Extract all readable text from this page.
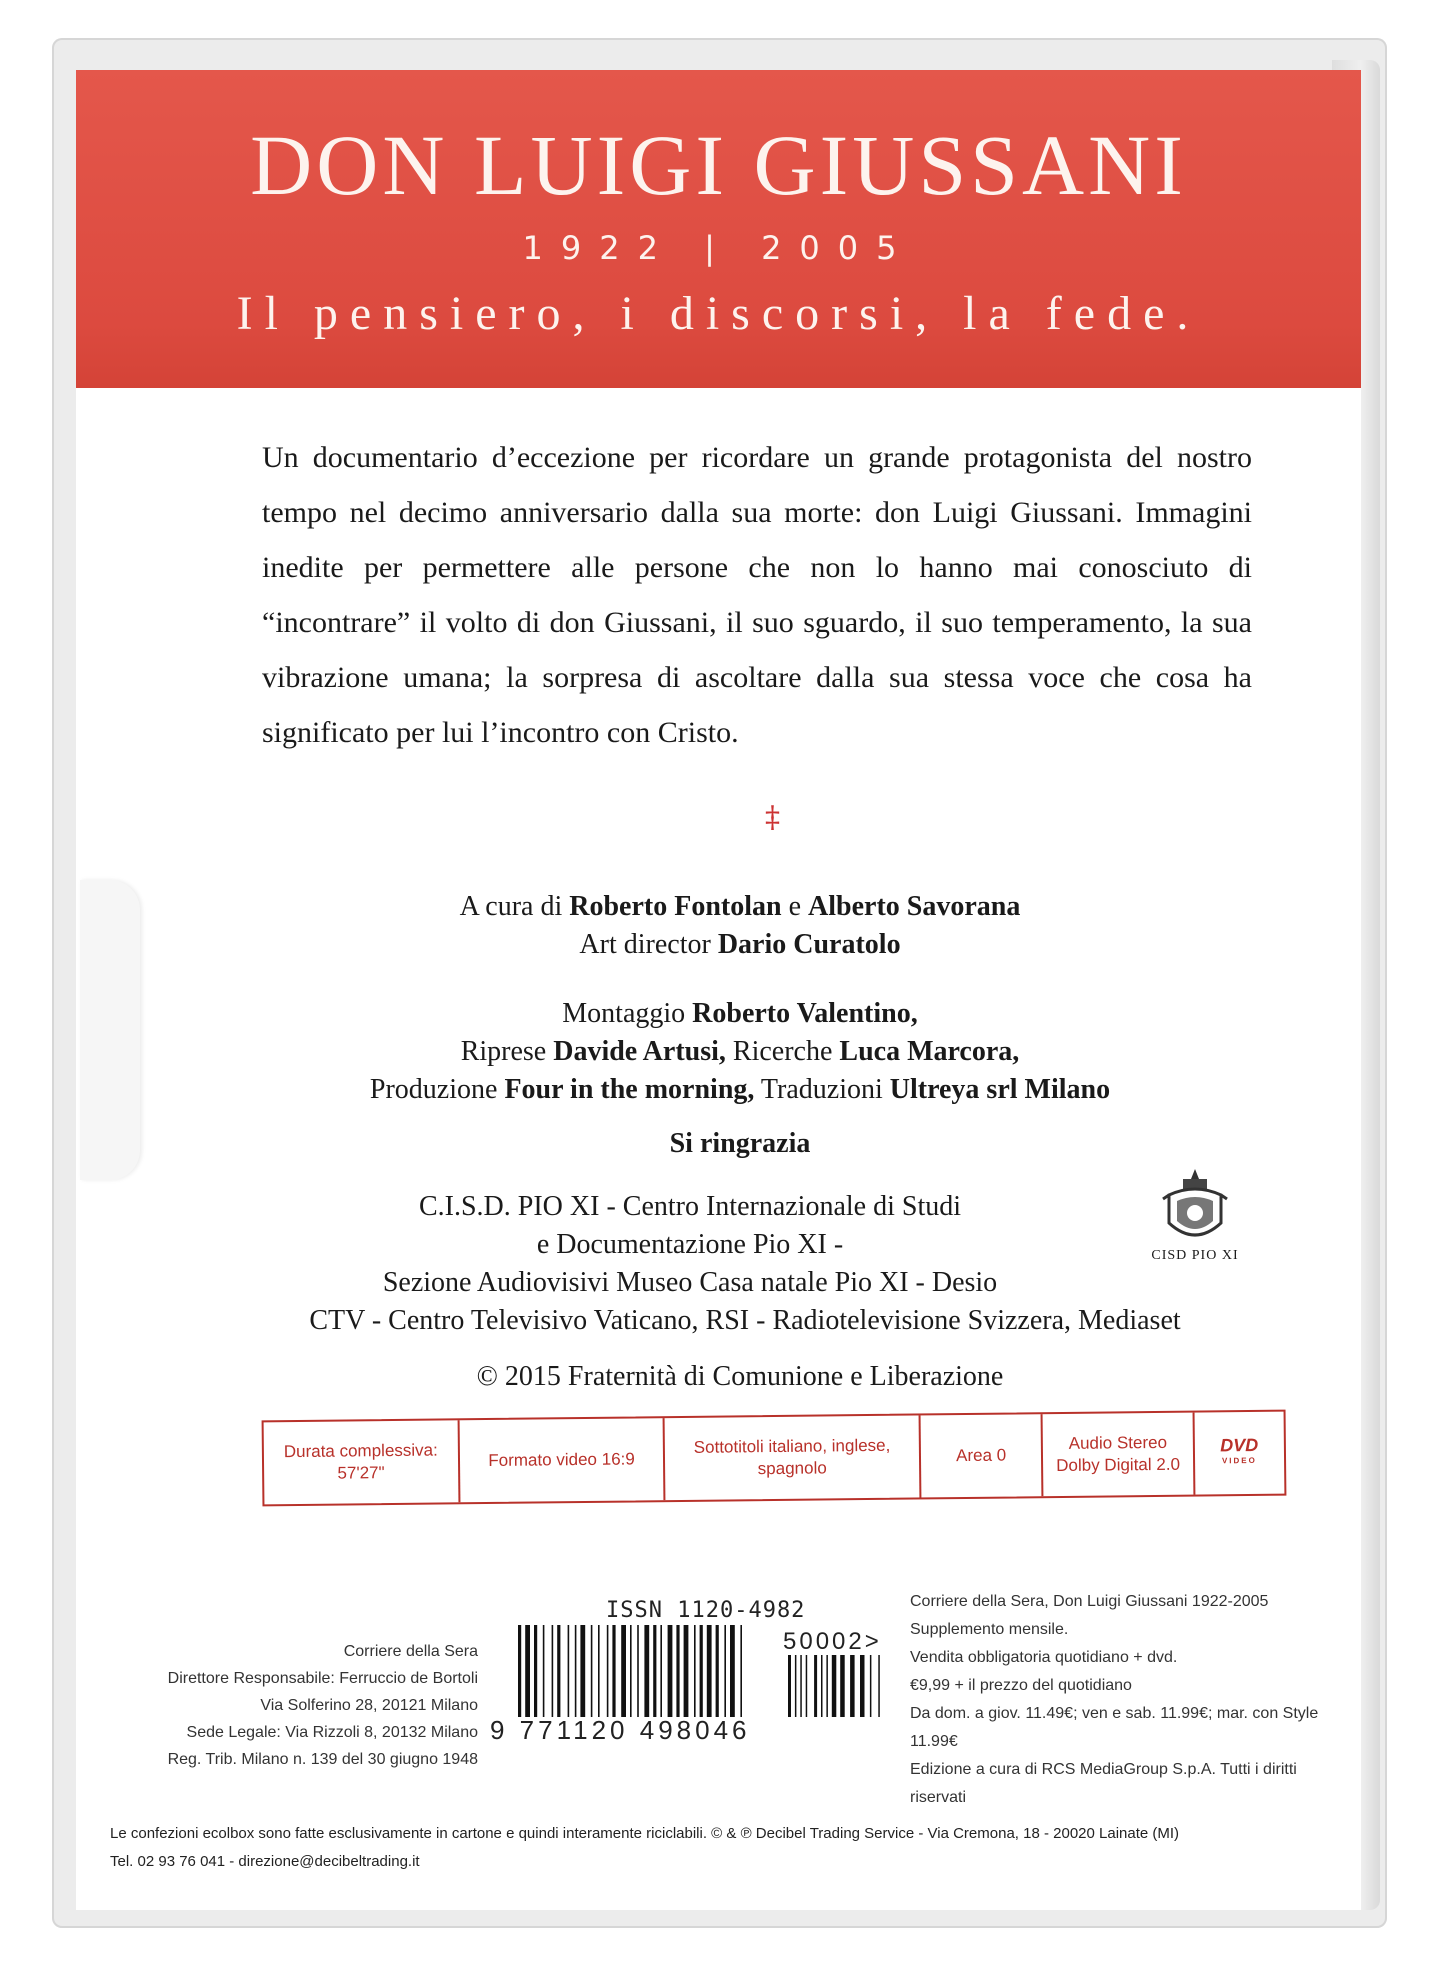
DON LUIGI GIUSSANI
1922 | 2005
Il pensiero, i discorsi, la fede.
Un documentario d’eccezione per ricordare un grande protagonista del nostro tempo nel decimo anniversario dalla sua morte: don Luigi Giussani. Immagini inedite per permettere alle persone che non lo hanno mai conosciuto di “incontrare” il volto di don Giussani, il suo sguardo, il suo temperamento, la sua vibrazione umana; la sorpresa di ascoltare dalla sua stessa voce che cosa ha significato per lui l’incontro con Cristo.
‡
A cura di Roberto Fontolan e Alberto Savorana
Art director Dario Curatolo
Montaggio Roberto Valentino,
Riprese Davide Artusi, Ricerche Luca Marcora,
Produzione Four in the morning, Traduzioni Ultreya srl Milano
Si ringrazia
C.I.S.D. PIO XI - Centro Internazionale di Studi
e Documentazione Pio XI -
Sezione Audiovisivi Museo Casa natale Pio XI - Desio
CTV - Centro Televisivo Vaticano, RSI - Radiotelevisione Svizzera, Mediaset
CISD PIO XI
© 2015 Fraternità di Comunione e Liberazione
Durata complessiva: 57'27"
Formato video 16:9
Sottotitoli italiano, inglese, spagnolo
Area 0
Audio Stereo Dolby Digital 2.0
DVD
VIDEO
Corriere della Sera
Direttore Responsabile: Ferruccio de Bortoli
Via Solferino 28, 20121 Milano
Sede Legale: Via Rizzoli 8, 20132 Milano
Reg. Trib. Milano n. 139 del 30 giugno 1948
ISSN 1120-4982
9 771120 498046
50002>
Corriere della Sera, Don Luigi Giussani 1922-2005
Supplemento mensile.
Vendita obbligatoria quotidiano + dvd.
€9,99 + il prezzo del quotidiano
Da dom. a giov. 11.49€; ven e sab. 11.99€; mar. con Style 11.99€
Edizione a cura di RCS MediaGroup S.p.A. Tutti i diritti riservati
Le confezioni ecolbox sono fatte esclusivamente in cartone e quindi interamente riciclabili. © & ℗ Decibel Trading Service - Via Cremona, 18 - 20020 Lainate (MI)
Tel. 02 93 76 041 - direzione@decibeltrading.it
